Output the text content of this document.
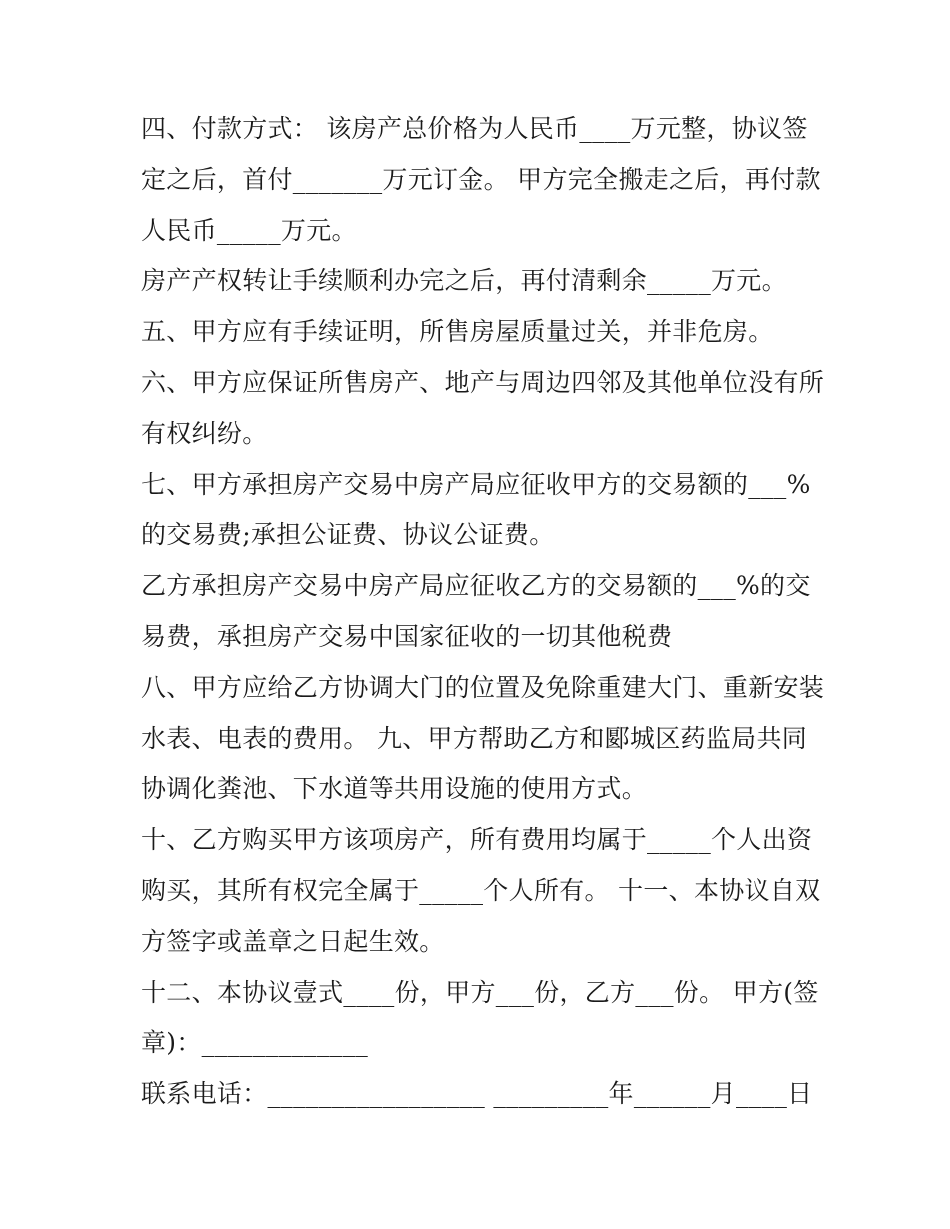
四、付款方式： 该房产总价格为人民币____万元整，协议签
定之后，首付_______万元订金。 甲方完全搬走之后，再付款
人民币_____万元。
房产产权转让手续顺利办完之后，再付清剩余_____万元。
五、甲方应有手续证明，所售房屋质量过关，并非危房。
六、甲方应保证所售房产、地产与周边四邻及其他单位没有所
有权纠纷。
七、甲方承担房产交易中房产局应征收甲方的交易额的___%
的交易费;承担公证费、协议公证费。
乙方承担房产交易中房产局应征收乙方的交易额的___%的交
易费，承担房产交易中国家征收的一切其他税费
八、甲方应给乙方协调大门的位置及免除重建大门、重新安装
水表、电表的费用。 九、甲方帮助乙方和郾城区药监局共同
协调化粪池、下水道等共用设施的使用方式。
十、乙方购买甲方该项房产，所有费用均属于_____个人出资
购买，其所有权完全属于_____个人所有。 十一、本协议自双
方签字或盖章之日起生效。
十二、本协议壹式____份，甲方___份，乙方___份。 甲方(签
章)：_____________
联系电话：_________________ _________年______月____日
